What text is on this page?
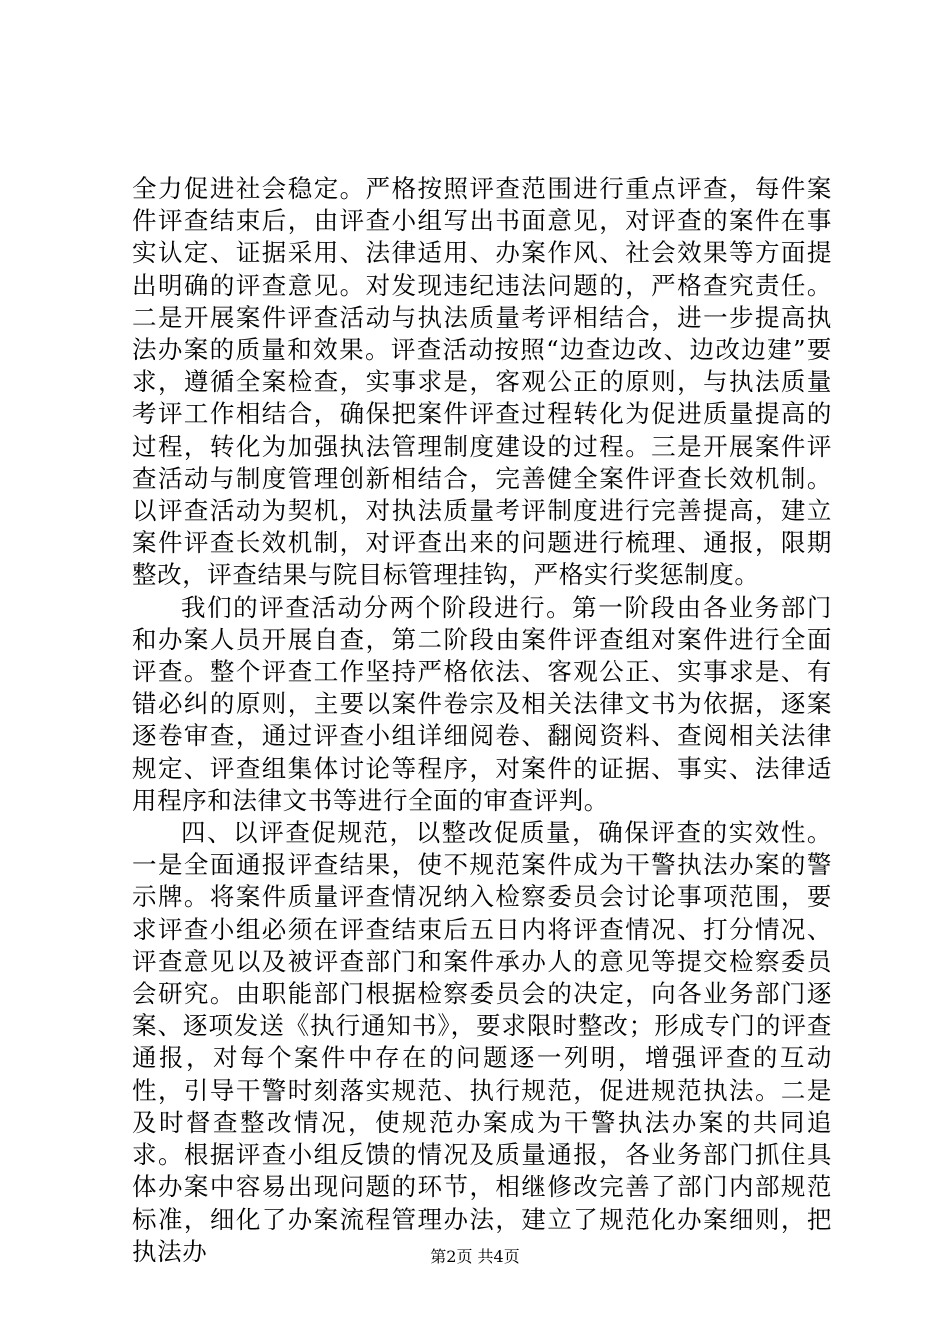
全力促进社会稳定。严格按照评查范围进行重点评查，每件案件评查结束后，由评查小组写出书面意见，对评查的案件在事实认定、证据采用、法律适用、办案作风、社会效果等方面提出明确的评查意见。对发现违纪违法问题的，严格查究责任。二是开展案件评查活动与执法质量考评相结合，进一步提高执法办案的质量和效果。评查活动按照“边查边改、边改边建”要求，遵循全案检查，实事求是，客观公正的原则，与执法质量考评工作相结合，确保把案件评查过程转化为促进质量提高的过程，转化为加强执法管理制度建设的过程。三是开展案件评查活动与制度管理创新相结合，完善健全案件评查长效机制。以评查活动为契机，对执法质量考评制度进行完善提高，建立案件评查长效机制，对评查出来的问题进行梳理、通报，限期整改，评查结果与院目标管理挂钩，严格实行奖惩制度。

我们的评查活动分两个阶段进行。第一阶段由各业务部门和办案人员开展自查，第二阶段由案件评查组对案件进行全面评查。整个评查工作坚持严格依法、客观公正、实事求是、有错必纠的原则，主要以案件卷宗及相关法律文书为依据，逐案逐卷审查，通过评查小组详细阅卷、翻阅资料、查阅相关法律规定、评查组集体讨论等程序，对案件的证据、事实、法律适用程序和法律文书等进行全面的审查评判。

四、以评查促规范，以整改促质量，确保评查的实效性。一是全面通报评查结果，使不规范案件成为干警执法办案的警示牌。将案件质量评查情况纳入检察委员会讨论事项范围，要求评查小组必须在评查结束后五日内将评查情况、打分情况、评查意见以及被评查部门和案件承办人的意见等提交检察委员会研究。由职能部门根据检察委员会的决定，向各业务部门逐案、逐项发送《执行通知书》，要求限时整改；形成专门的评查通报，对每个案件中存在的问题逐一列明，增强评查的互动性，引导干警时刻落实规范、执行规范，促进规范执法。二是及时督查整改情况，使规范办案成为干警执法办案的共同追求。根据评查小组反馈的情况及质量通报，各业务部门抓住具体办案中容易出现问题的环节，相继修改完善了部门内部规范标准，细化了办案流程管理办法，建立了规范化办案细则，把执法办	第2页 共4页
